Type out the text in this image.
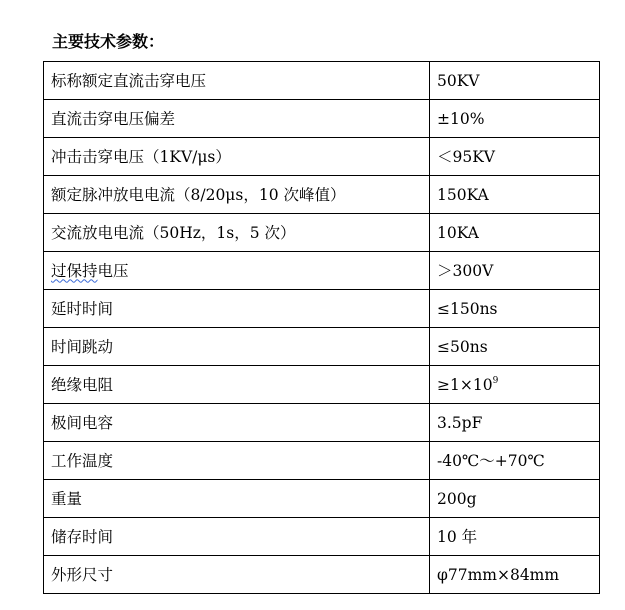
主要技术参数：
标称额定直流击穿电压	50KV
直流击穿电压偏差	±10%
冲击击穿电压（1KV/μs）	＜95KV
额定脉冲放电电流（8/20μs，10 次峰值）	150KA
交流放电电流（50Hz，1s，5 次）	10KA
过保持电压	＞300V
延时时间	≤150ns
时间跳动	≤50ns
绝缘电阻	$\ge 1\times 10^9$
极间电容	3.5pF
工作温度	-40℃～+70℃
重量	200g
储存时间	10 年
外形尺寸	φ77mm×84mm
